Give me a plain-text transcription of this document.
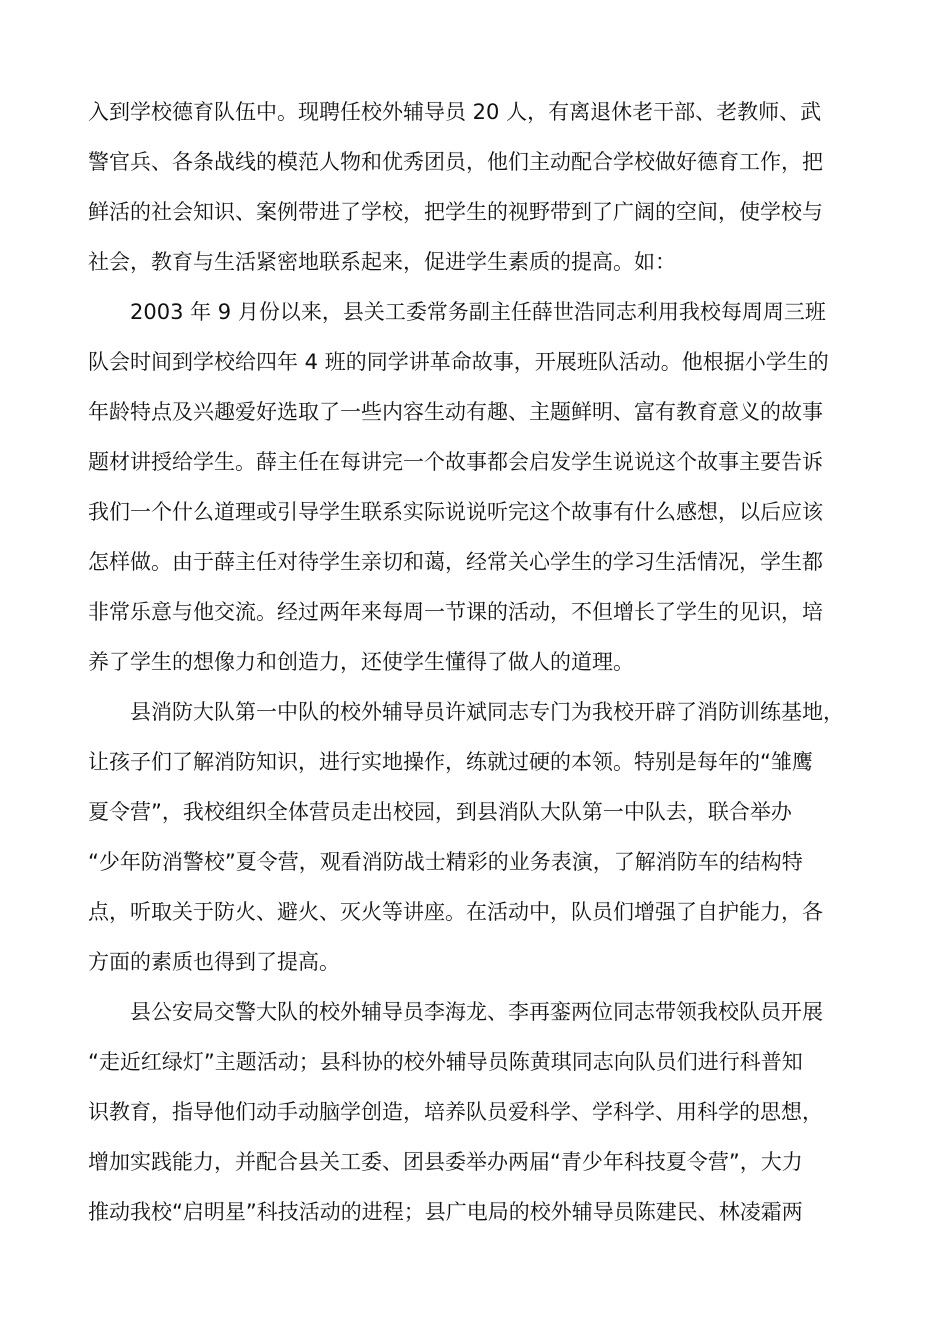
入到学校德育队伍中。现聘任校外辅导员 20 人，有离退休老干部、老教师、武
警官兵、各条战线的模范人物和优秀团员，他们主动配合学校做好德育工作，把
鲜活的社会知识、案例带进了学校，把学生的视野带到了广阔的空间，使学校与
社会，教育与生活紧密地联系起来，促进学生素质的提高。如：
2003 年 9 月份以来，县关工委常务副主任薛世浩同志利用我校每周周三班
队会时间到学校给四年 4 班的同学讲革命故事，开展班队活动。他根据小学生的
年龄特点及兴趣爱好选取了一些内容生动有趣、主题鲜明、富有教育意义的故事
题材讲授给学生。薛主任在每讲完一个故事都会启发学生说说这个故事主要告诉
我们一个什么道理或引导学生联系实际说说听完这个故事有什么感想，以后应该
怎样做。由于薛主任对待学生亲切和蔼，经常关心学生的学习生活情况，学生都
非常乐意与他交流。经过两年来每周一节课的活动，不但增长了学生的见识，培
养了学生的想像力和创造力，还使学生懂得了做人的道理。
县消防大队第一中队的校外辅导员许斌同志专门为我校开辟了消防训练基地，
让孩子们了解消防知识，进行实地操作，练就过硬的本领。特别是每年的“雏鹰
夏令营”，我校组织全体营员走出校园，到县消队大队第一中队去，联合举办
“少年防消警校”夏令营，观看消防战士精彩的业务表演，了解消防车的结构特
点，听取关于防火、避火、灭火等讲座。在活动中，队员们增强了自护能力，各
方面的素质也得到了提高。
县公安局交警大队的校外辅导员李海龙、李再銮两位同志带领我校队员开展
“走近红绿灯”主题活动；县科协的校外辅导员陈黄琪同志向队员们进行科普知
识教育，指导他们动手动脑学创造，培养队员爱科学、学科学、用科学的思想，
增加实践能力，并配合县关工委、团县委举办两届“青少年科技夏令营”，大力
推动我校“启明星”科技活动的进程；县广电局的校外辅导员陈建民、林凌霜两
